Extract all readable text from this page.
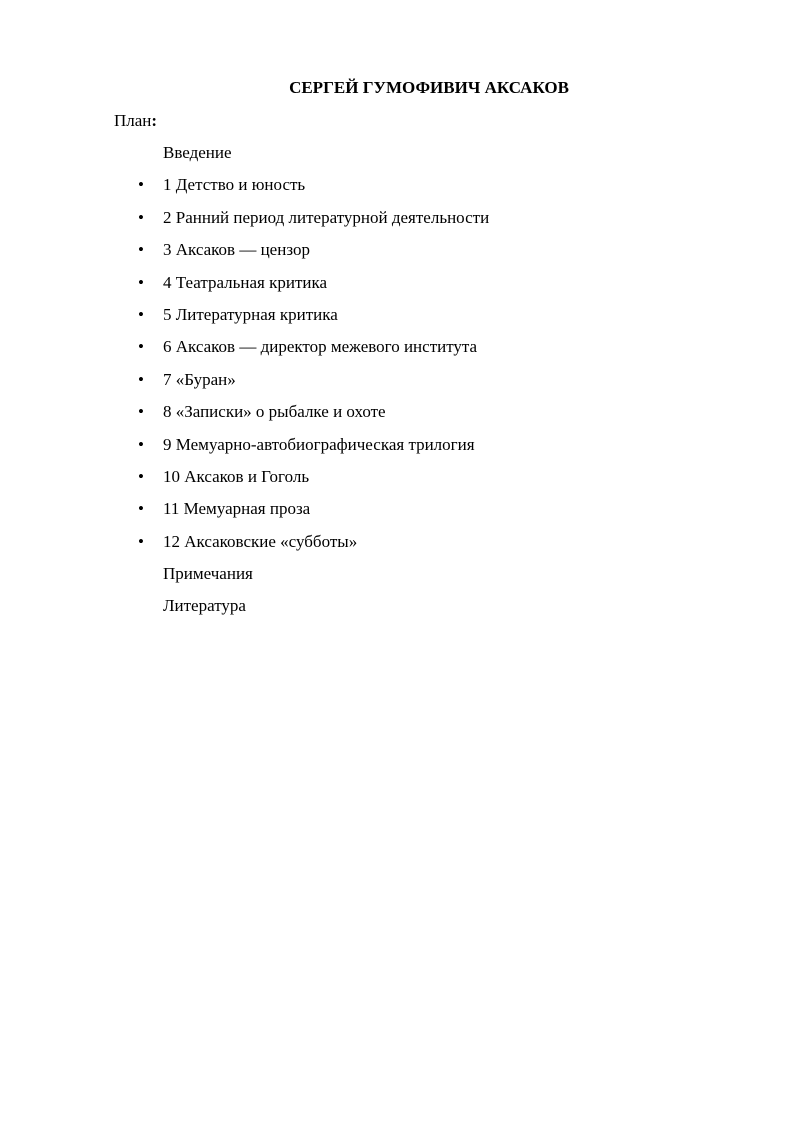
СЕРГЕЙ ГУМОФИВИЧ АКСАКОВ
План:
Введение
• 1 Детство и юность
• 2 Ранний период литературной деятельности
• 3 Аксаков — цензор
• 4 Театральная критика
• 5 Литературная критика
• 6 Аксаков — директор межевого института
• 7 «Буран»
• 8 «Записки» о рыбалке и охоте
• 9 Мемуарно-автобиографическая трилогия
• 10 Аксаков и Гоголь
• 11 Мемуарная проза
• 12 Аксаковские «субботы»
Примечания
Литература
